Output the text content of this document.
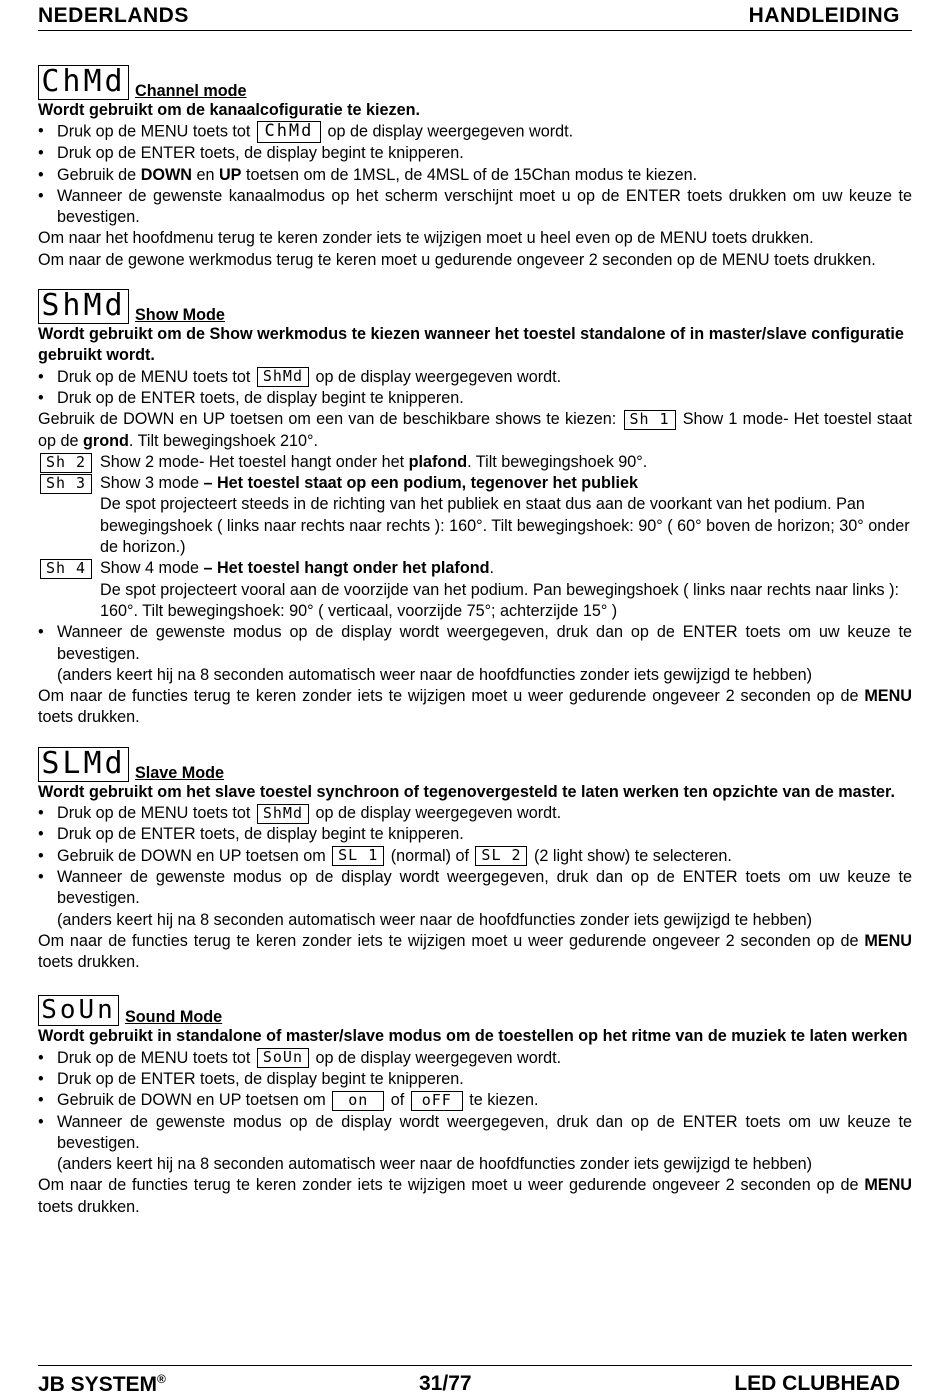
NEDERLANDS	HANDLEIDING
ChMd Channel mode

Wordt gebruikt om de kanaalcofiguratie te kiezen.

• Druk op de MENU toets tot ChMd op de display weergegeven wordt.
• Druk op de ENTER toets, de display begint te knipperen.
• Gebruik de DOWN en UP toetsen om de 1MSL, de 4MSL of de 15Chan modus te kiezen.
• Wanneer de gewenste kanaalmodus op het scherm verschijnt moet u op de ENTER toets drukken om uw keuze te bevestigen.

Om naar het hoofdmenu terug te keren zonder iets te wijzigen moet u heel even op de MENU toets drukken.

Om naar de gewone werkmodus terug te keren moet u gedurende ongeveer 2 seconden op de MENU toets drukken.

ShMd Show Mode

Wordt gebruikt om de Show werkmodus te kiezen wanneer het toestel standalone of in master/slave configuratie gebruikt wordt.

• Druk op de MENU toets tot ShMd op de display weergegeven wordt.
• Druk op de ENTER toets, de display begint te knipperen.

Gebruik de DOWN en UP toetsen om een van de beschikbare shows te kiezen: Sh 1 Show 1 mode- Het toestel staat op de grond. Tilt bewegingshoek 210°.

Sh 2 Show 2 mode- Het toestel hangt onder het plafond. Tilt bewegingshoek 90°.
Sh 3 Show 3 mode – Het toestel staat op een podium, tegenover het publiek
De spot projecteert steeds in de richting van het publiek en staat dus aan de voorkant van het podium. Pan bewegingshoek ( links naar rechts naar rechts ): 160°. Tilt bewegingshoek: 90° ( 60° boven de horizon; 30° onder de horizon.)
Sh 4 Show 4 mode – Het toestel hangt onder het plafond.
De spot projecteert vooral aan de voorzijde van het podium. Pan bewegingshoek ( links naar rechts naar links ): 160°. Tilt bewegingshoek: 90° ( verticaal, voorzijde 75°; achterzijde 15° )
• Wanneer de gewenste modus op de display wordt weergegeven, druk dan op de ENTER toets om uw keuze te bevestigen.

(anders keert hij na 8 seconden automatisch weer naar de hoofdfuncties zonder iets gewijzigd te hebben)

Om naar de functies terug te keren zonder iets te wijzigen moet u weer gedurende ongeveer 2 seconden op de MENU toets drukken.

SLMd Slave Mode

Wordt gebruikt om het slave toestel synchroon of tegenovergesteld te laten werken ten opzichte van de master.

• Druk op de MENU toets tot ShMd op de display weergegeven wordt.
• Druk op de ENTER toets, de display begint te knipperen.
• Gebruik de DOWN en UP toetsen om SL 1 (normal) of SL 2 (2 light show) te selecteren.
• Wanneer de gewenste modus op de display wordt weergegeven, druk dan op de ENTER toets om uw keuze te bevestigen.

(anders keert hij na 8 seconden automatisch weer naar de hoofdfuncties zonder iets gewijzigd te hebben)

Om naar de functies terug te keren zonder iets te wijzigen moet u weer gedurende ongeveer 2 seconden op de MENU toets drukken.

SoUn Sound Mode

Wordt gebruikt in standalone of master/slave modus om de toestellen op het ritme van de muziek te laten werken

• Druk op de MENU toets tot SoUn op de display weergegeven wordt.
• Druk op de ENTER toets, de display begint te knipperen.
• Gebruik de DOWN en UP toetsen om on of oFF te kiezen.
• Wanneer de gewenste modus op de display wordt weergegeven, druk dan op de ENTER toets om uw keuze te bevestigen.

(anders keert hij na 8 seconden automatisch weer naar de hoofdfuncties zonder iets gewijzigd te hebben)

Om naar de functies terug te keren zonder iets te wijzigen moet u weer gedurende ongeveer 2 seconden op de MENU toets drukken.

JB SYSTEM®	31/77	LED CLUBHEAD
